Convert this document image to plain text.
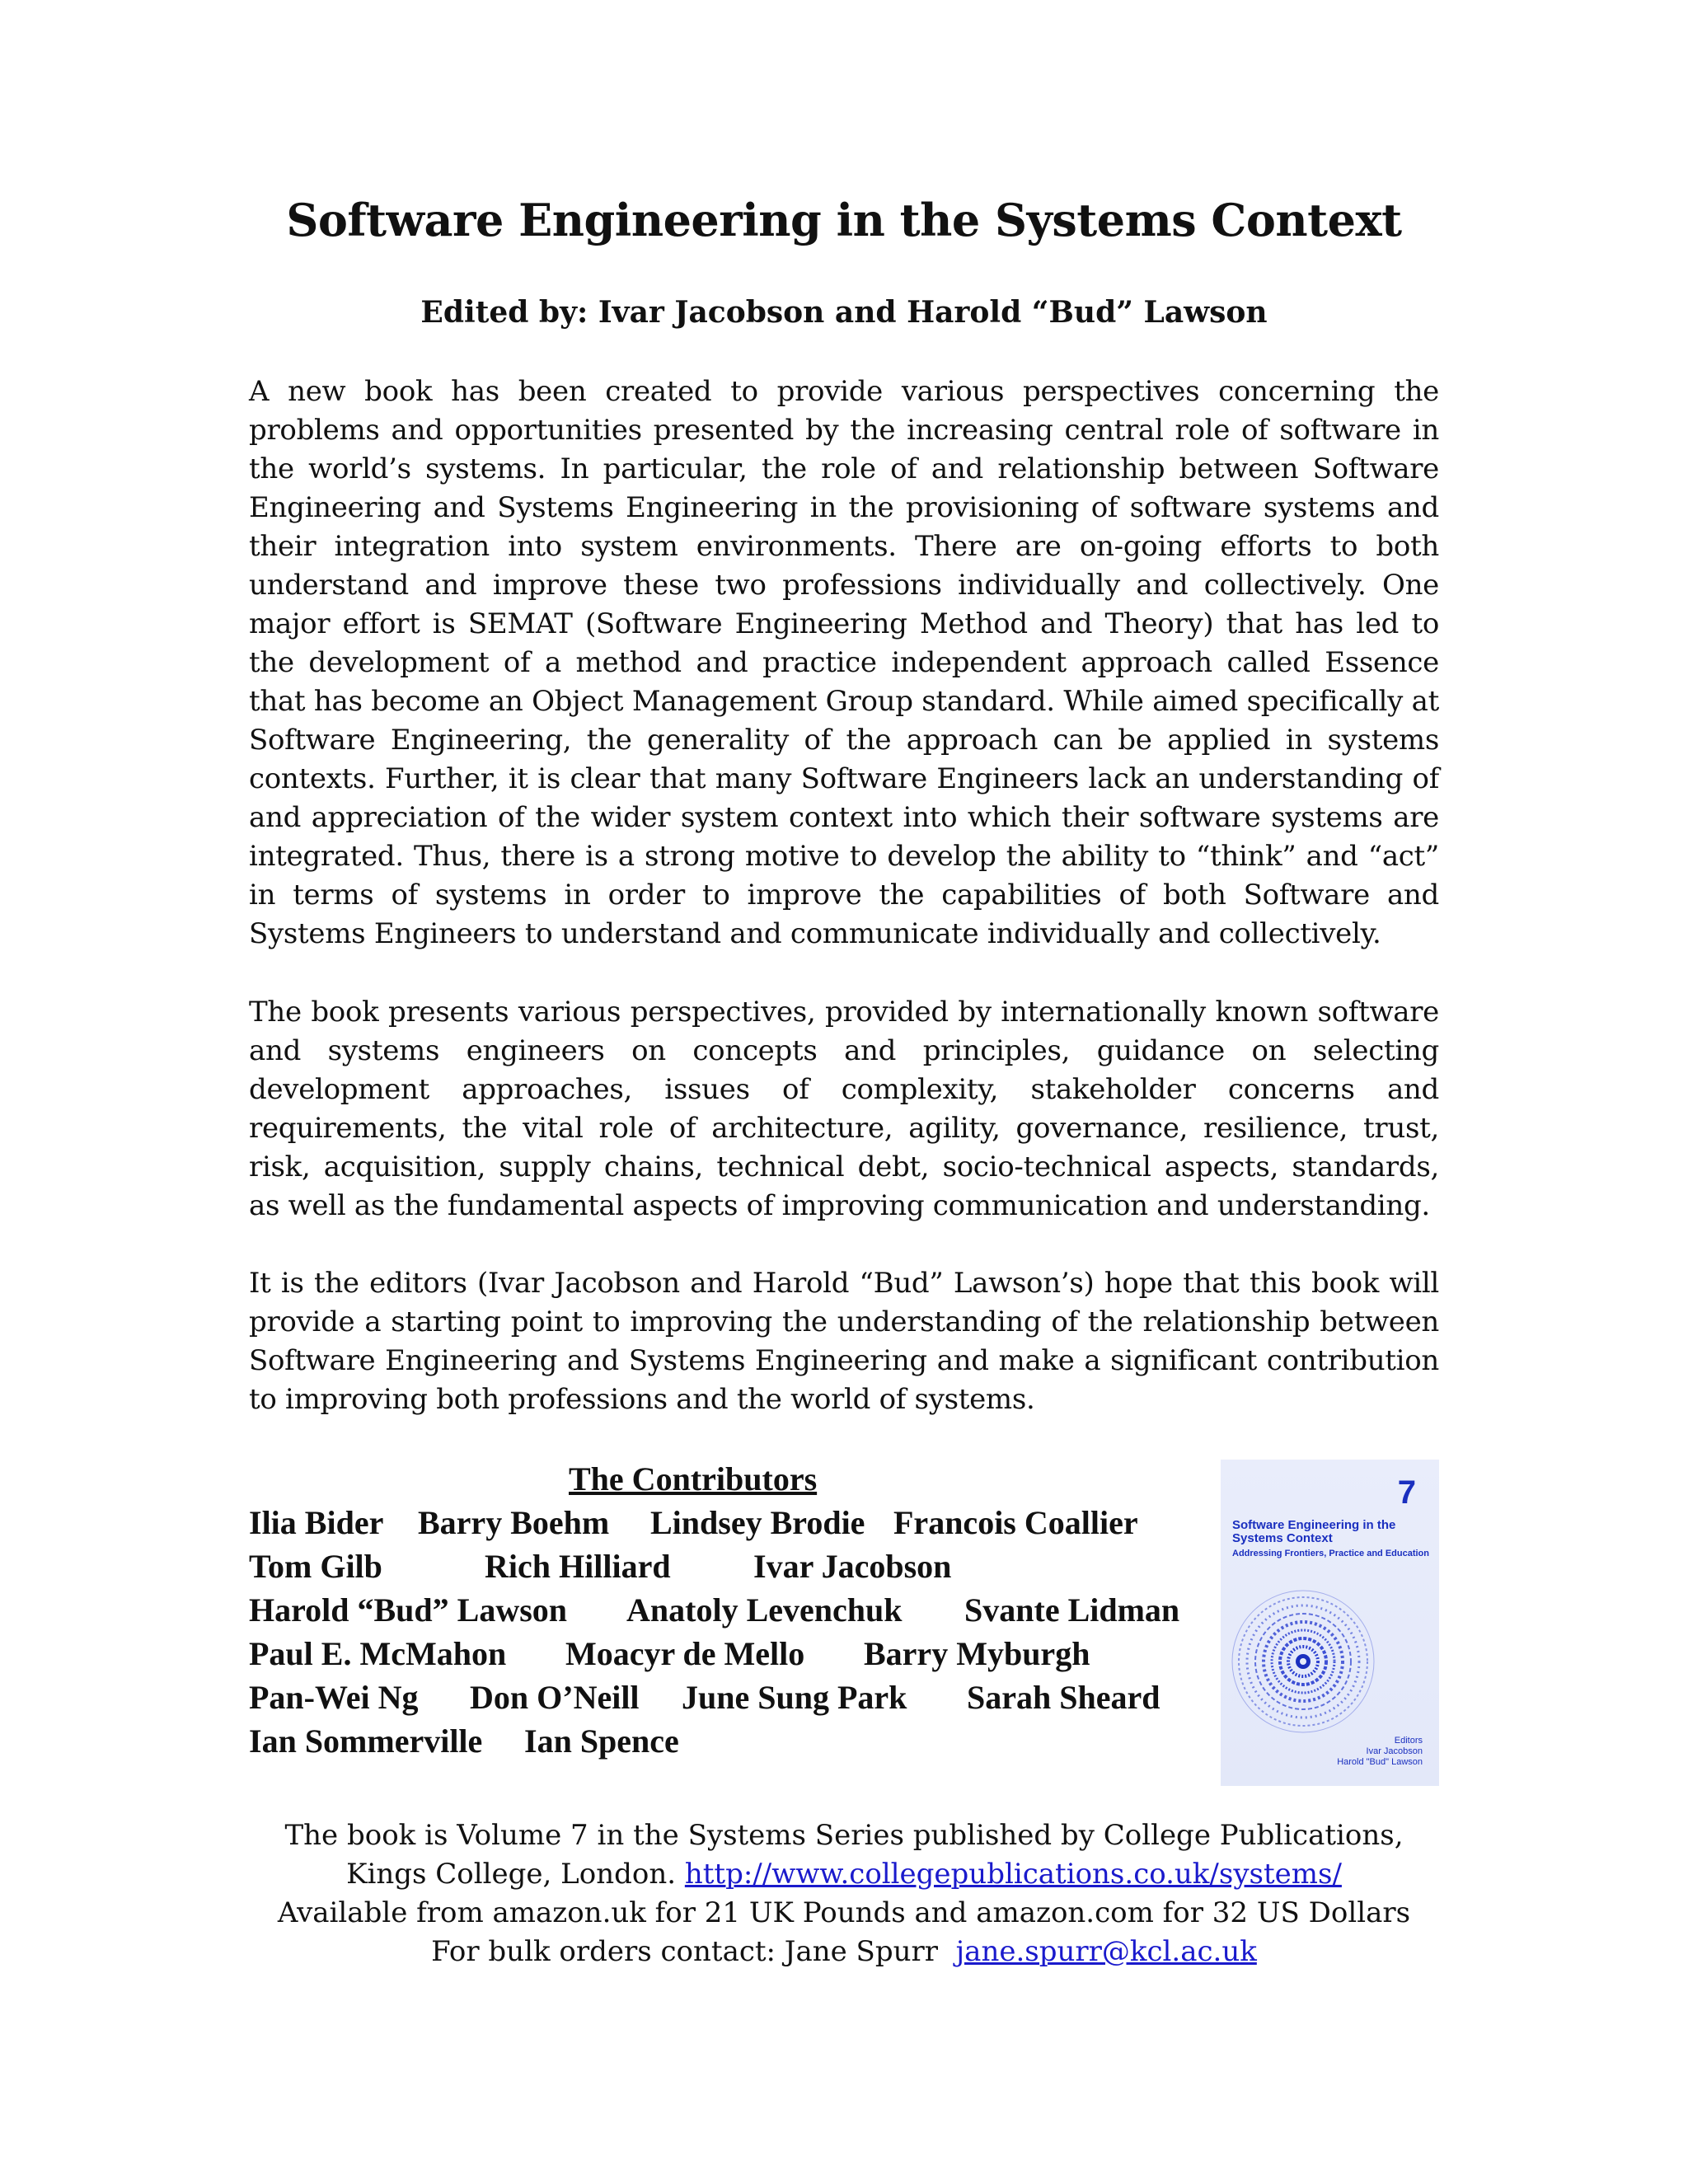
Software Engineering in the Systems Context
Edited by: Ivar Jacobson and Harold “Bud” Lawson

A new book has been created to provide various perspectives concerning the problems and opportunities presented by the increasing central role of software in the world’s systems. In particular, the role of and relationship between Software Engineering and Systems Engineering in the provisioning of software systems and their integration into system environments. There are on-going efforts to both understand and improve these two professions individually and collectively. One major effort is SEMAT (Software Engineering Method and Theory) that has led to the development of a method and practice independent approach called Essence that has become an Object Management Group standard. While aimed specifically at Software Engineering, the generality of the approach can be applied in systems contexts. Further, it is clear that many Software Engineers lack an understanding of and appreciation of the wider system context into which their software systems are integrated. Thus, there is a strong motive to develop the ability to “think” and “act” in terms of systems in order to improve the capabilities of both Software and Systems Engineers to understand and communicate individually and collectively.

The book presents various perspectives, provided by internationally known software and systems engineers on concepts and principles, guidance on selecting development approaches, issues of complexity, stakeholder concerns and requirements, the vital role of architecture, agility, governance, resilience, trust, risk, acquisition, supply chains, technical debt, socio-technical aspects, standards, as well as the fundamental aspects of improving communication and understanding.

It is the editors (Ivar Jacobson and Harold “Bud” Lawson’s) hope that this book will provide a starting point to improving the understanding of the relationship between Software Engineering and Systems Engineering and make a significant contribution to improving both professions and the world of systems.

The Contributors
Ilia Bider	Barry Boehm	Lindsey Brodie Francois Coallier
Tom Gilb	Rich Hilliard	Ivar Jacobson
Harold “Bud” Lawson	Anatoly Levenchuk	Svante Lidman
Paul E. McMahon	Moacyr de Mello	Barry Myburgh
Pan-Wei Ng	Don O’Neill	June Sung Park	Sarah Sheard
Ian Sommerville	Ian Spence
7
Software Engineering in the Systems Context
Addressing Frontiers, Practice and Education
Editors
Ivar Jacobson
Harold "Bud" Lawson
The book is Volume 7 in the Systems Series published by College Publications,
Kings College, London. http://www.collegepublications.co.uk/systems/
Available from amazon.uk for 21 UK Pounds and amazon.com for 32 US Dollars
For bulk orders contact: Jane Spurr jane.spurr@kcl.ac.uk
